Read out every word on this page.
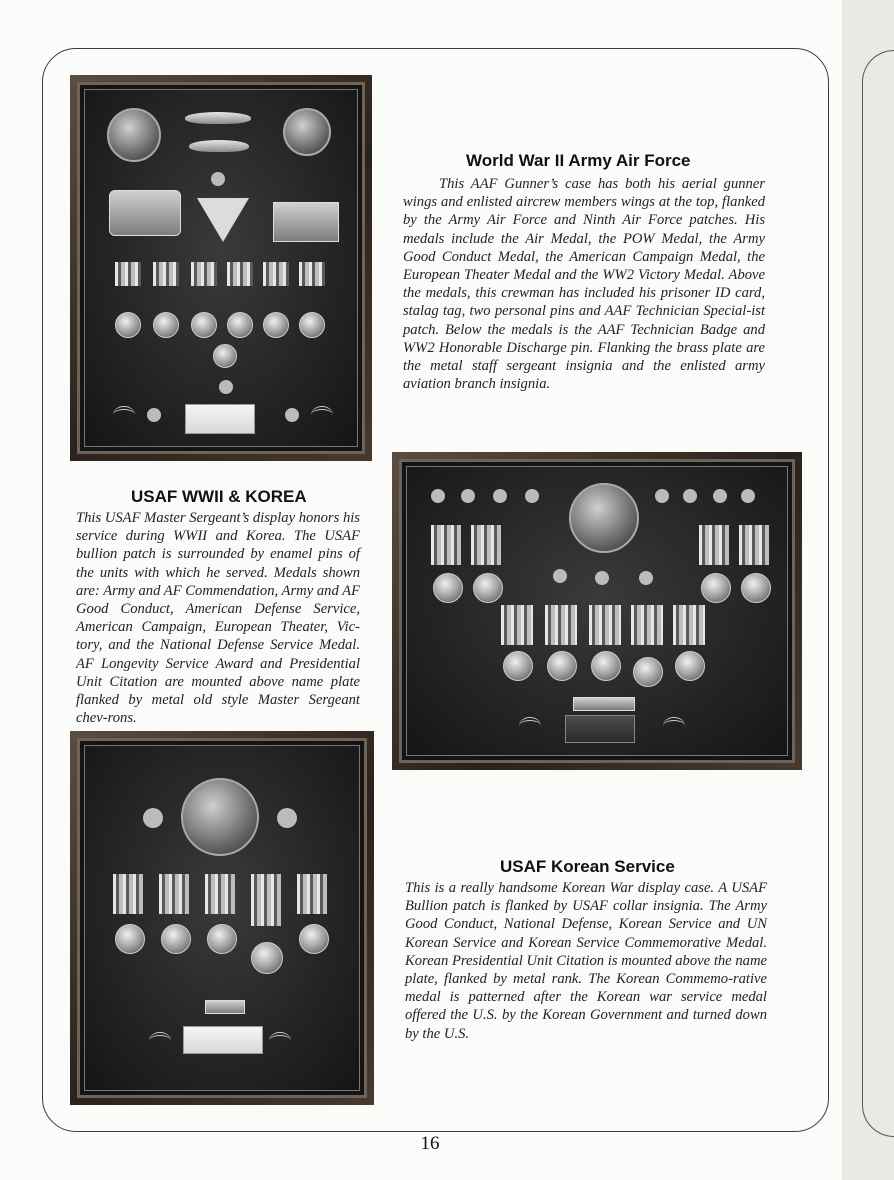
World War II Army Air Force

This AAF Gunner’s case has both his aerial gunner wings and enlisted aircrew members wings at the top, flanked by the Army Air Force and Ninth Air Force patches. His medals include the Air Medal, the POW Medal, the Army Good Conduct Medal, the American Campaign Medal, the European Theater Medal and the WW2 Victory Medal. Above the medals, this crewman has included his prisoner ID card, stalag tag, two personal pins and AAF Technician Special-ist patch. Below the medals is the AAF Technician Badge and WW2 Honorable Discharge pin. Flanking the brass plate are the metal staff sergeant insignia and the enlisted army aviation branch insignia.

USAF WWII & KOREA

This USAF Master Sergeant’s display honors his service during WWII and Korea. The USAF bullion patch is surrounded by enamel pins of the units with which he served. Medals shown are: Army and AF Commendation, Army and AF Good Conduct, American Defense Service, American Campaign, European Theater, Vic-tory, and the National Defense Service Medal. AF Longevity Service Award and Presidential Unit Citation are mounted above name plate flanked by metal old style Master Sergeant chev-rons.

USAF Korean Service

This is a really handsome Korean War display case. A USAF Bullion patch is flanked by USAF collar insignia. The Army Good Conduct, National Defense, Korean Service and UN Korean Service and Korean Service Commemorative Medal. Korean Presidential Unit Citation is mounted above the name plate, flanked by metal rank. The Korean Commemo-rative medal is patterned after the Korean war service medal offered the U.S. by the Korean Government and turned down by the U.S.

16
